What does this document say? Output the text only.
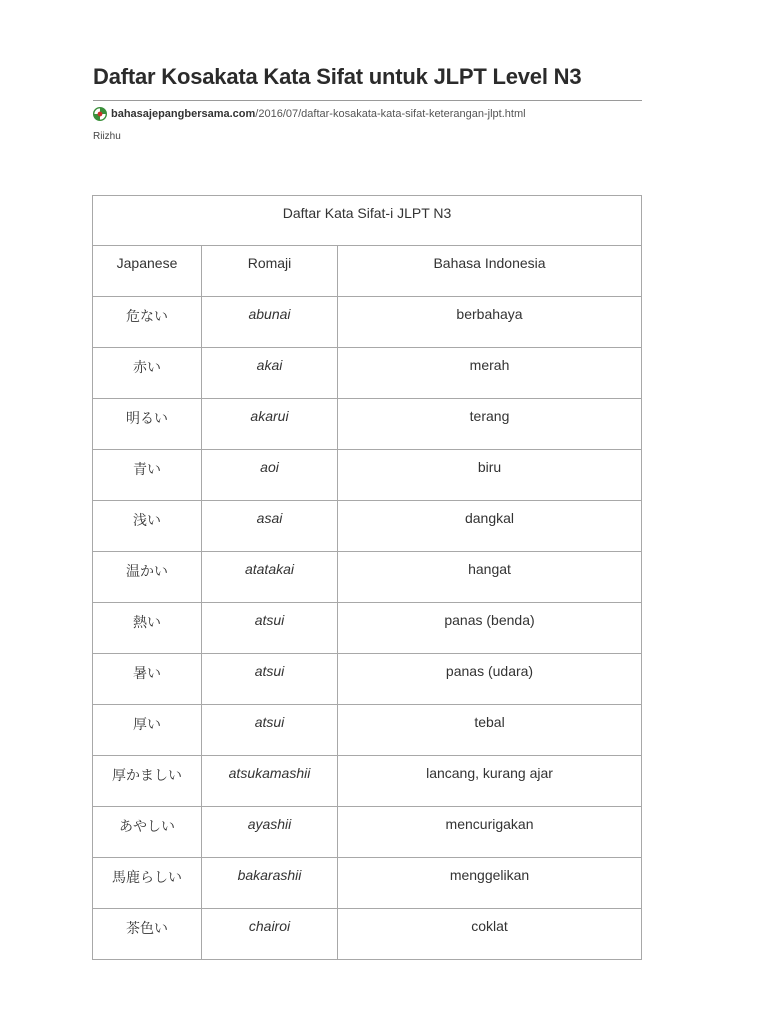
Daftar Kosakata Kata Sifat untuk JLPT Level N3
bahasajepangbersama.com /2016/07/daftar-kosakata-kata-sifat-keterangan-jlpt.html
Riizhu
Daftar Kata Sifat-i JLPT N3		
Japanese	Romaji	Bahasa Indonesia
危ない	abunai	berbahaya
赤い	akai	merah
明るい	akarui	terang
青い	aoi	biru
浅い	asai	dangkal
温かい	atatakai	hangat
熱い	atsui	panas (benda)
暑い	atsui	panas (udara)
厚い	atsui	tebal
厚かましい	atsukamashii	lancang, kurang ajar
あやしい	ayashii	mencurigakan
馬鹿らしい	bakarashii	menggelikan
茶色い	chairoi	coklat
